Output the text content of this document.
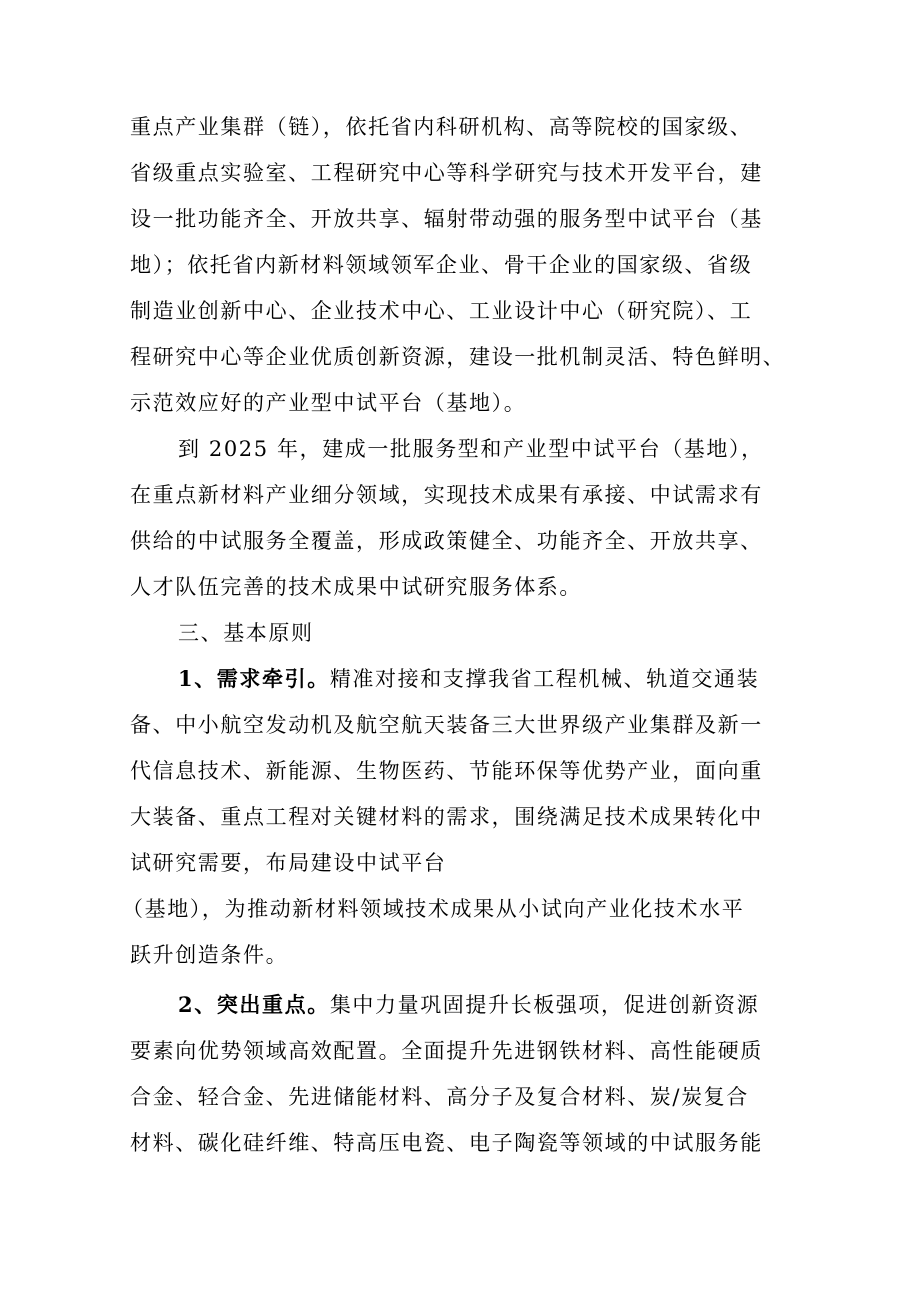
重点产业集群（链），依托省内科研机构、高等院校的国家级、
省级重点实验室、工程研究中心等科学研究与技术开发平台，建
设一批功能齐全、开放共享、辐射带动强的服务型中试平台（基
地）；依托省内新材料领域领军企业、骨干企业的国家级、省级
制造业创新中心、企业技术中心、工业设计中心（研究院）、工
程研究中心等企业优质创新资源，建设一批机制灵活、特色鲜明、
示范效应好的产业型中试平台（基地）。
到 2025 年，建成一批服务型和产业型中试平台（基地），
在重点新材料产业细分领域，实现技术成果有承接、中试需求有
供给的中试服务全覆盖，形成政策健全、功能齐全、开放共享、
人才队伍完善的技术成果中试研究服务体系。
三、基本原则
1、需求牵引。精准对接和支撑我省工程机械、轨道交通装
备、中小航空发动机及航空航天装备三大世界级产业集群及新一
代信息技术、新能源、生物医药、节能环保等优势产业，面向重
大装备、重点工程对关键材料的需求，围绕满足技术成果转化中
试研究需要，布局建设中试平台
（基地），为推动新材料领域技术成果从小试向产业化技术水平
跃升创造条件。
2、突出重点。集中力量巩固提升长板强项，促进创新资源
要素向优势领域高效配置。全面提升先进钢铁材料、高性能硬质
合金、轻合金、先进储能材料、高分子及复合材料、炭/炭复合
材料、碳化硅纤维、特高压电瓷、电子陶瓷等领域的中试服务能
